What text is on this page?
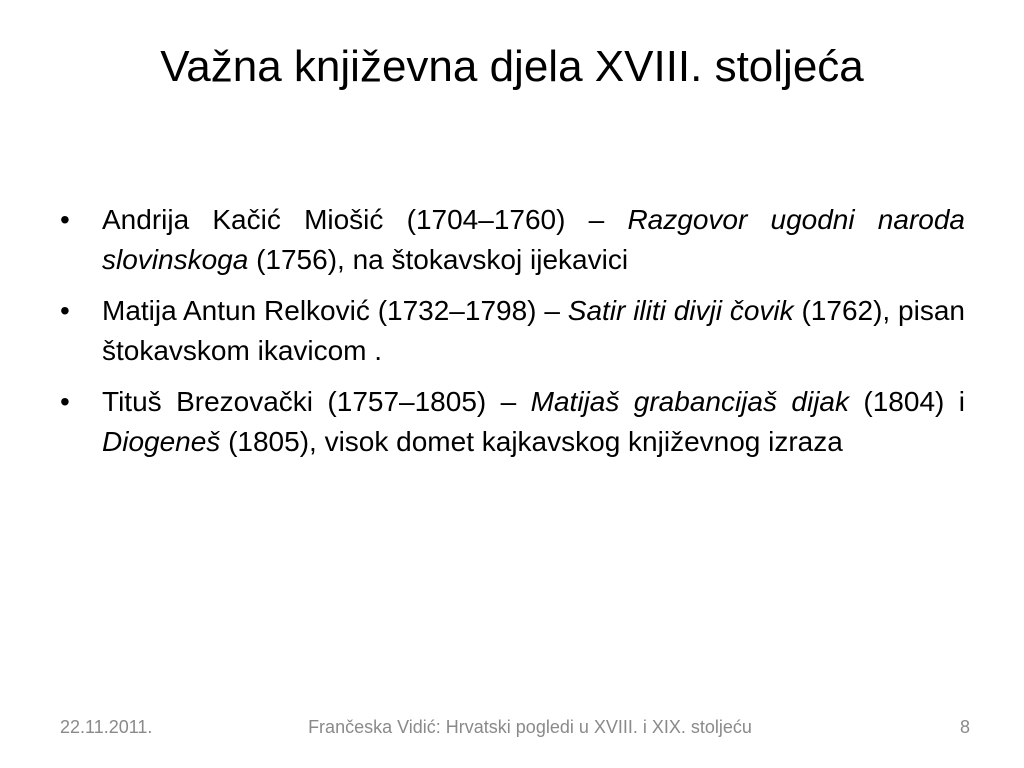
Važna književna djela XVIII. stoljeća
•	Andrija Kačić Miošić (1704–1760) – Razgovor ugodni naroda slovinskoga (1756), na štokavskoj ijekavici
•	Matija Antun Relković (1732–1798) – Satir iliti divji čovik (1762), pisan štokavskom ikavicom .
•	Tituš Brezovački (1757–1805) – Matijaš grabancijaš dijak (1804) i Diogeneš (1805), visok domet kajkavskog književnog izraza
22.11.2011.	Frančeska Vidić: Hrvatski pogledi u XVIII. i XIX. stoljeću	8
